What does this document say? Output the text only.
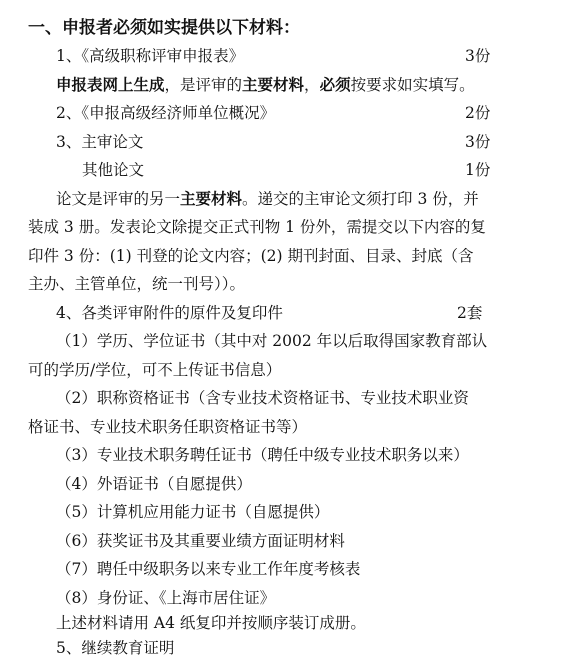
一、申报者必须如实提供以下材料：
1、《高级职称评审申报表》	3份
申报表网上生成，是评审的主要材料，必须按要求如实填写。
2、《申报高级经济师单位概况》	2份
3、主审论文	3份
其他论文	1份
论文是评审的另一主要材料。递交的主审论文须打印 3 份，并
装成 3 册。发表论文除提交正式刊物 1 份外，需提交以下内容的复
印件 3 份：(1) 刊登的论文内容；(2) 期刊封面、目录、封底（含
主办、主管单位，统一刊号））。
4、各类评审附件的原件及复印件	2套
（1）学历、学位证书（其中对 2002 年以后取得国家教育部认
可的学历/学位，可不上传证书信息）
（2）职称资格证书（含专业技术资格证书、专业技术职业资
格证书、专业技术职务任职资格证书等）
（3）专业技术职务聘任证书（聘任中级专业技术职务以来）
（4）外语证书（自愿提供）
（5）计算机应用能力证书（自愿提供）
（6）获奖证书及其重要业绩方面证明材料
（7）聘任中级职务以来专业工作年度考核表
（8）身份证、《上海市居住证》
上述材料请用 A4 纸复印并按顺序装订成册。
5、继续教育证明
